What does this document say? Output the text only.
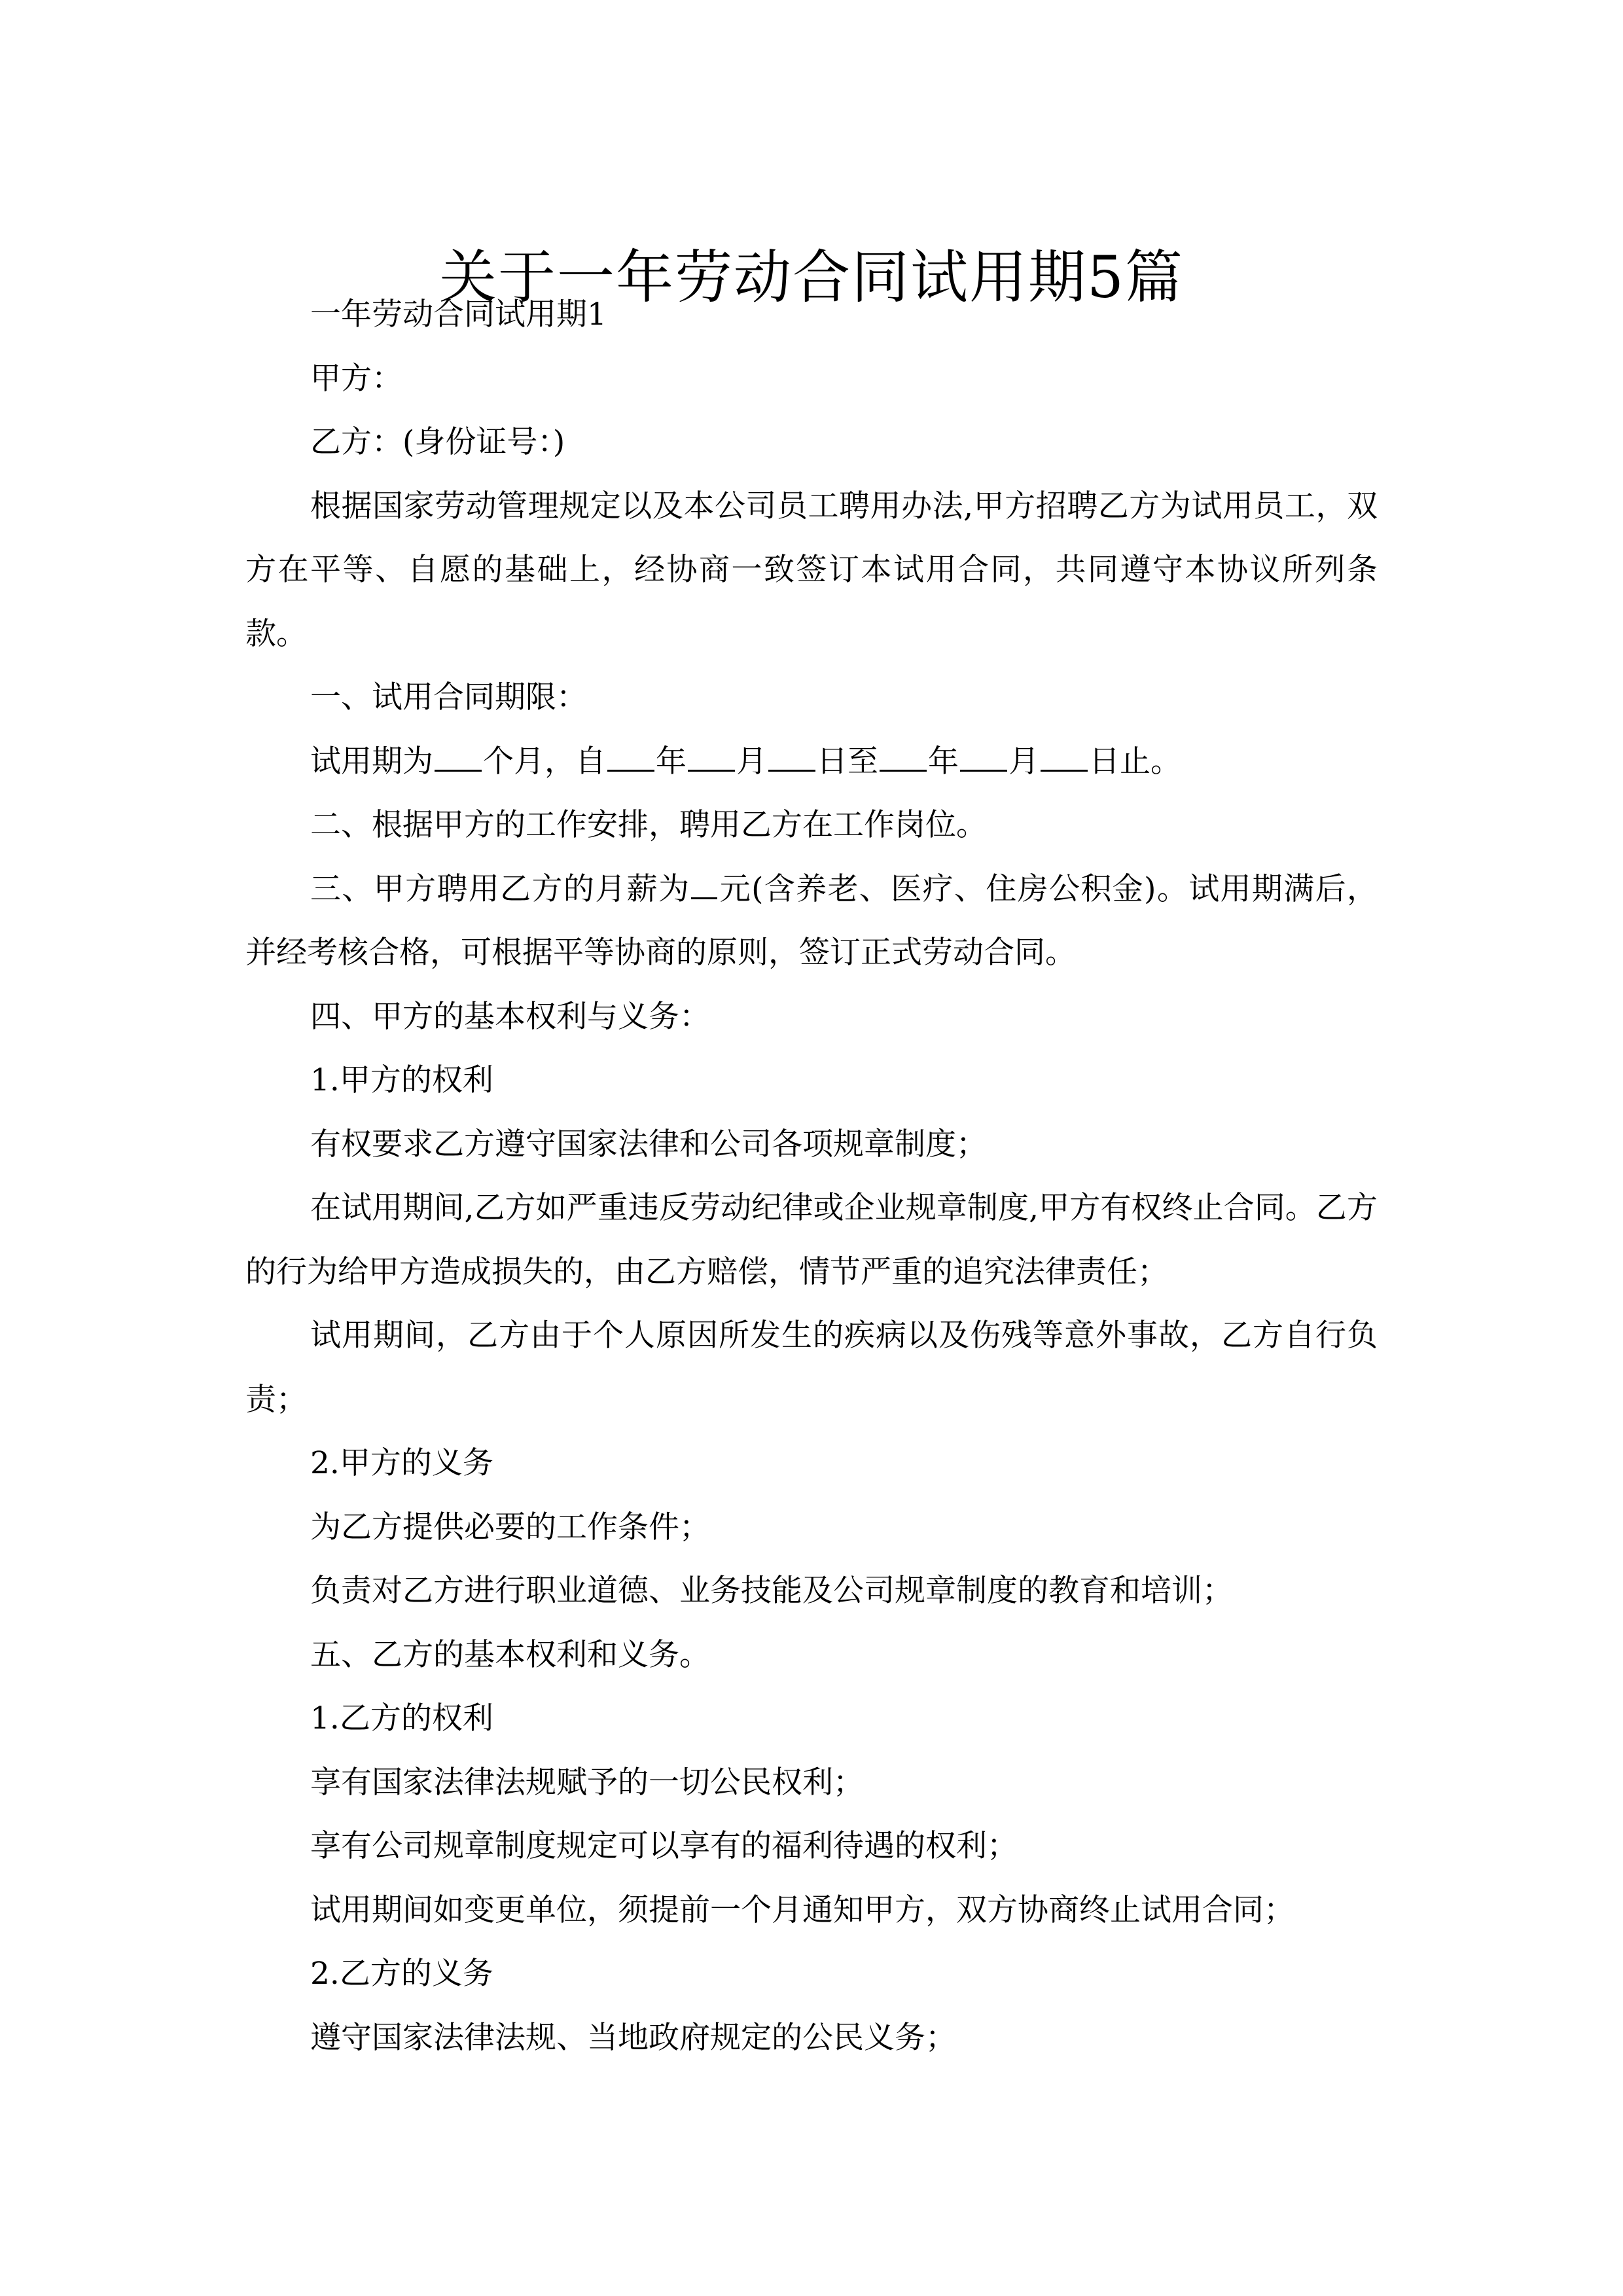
关于一年劳动合同试用期5篇

一年劳动合同试用期1

甲方：

乙方：(身份证号：)

根据国家劳动管理规定以及本公司员工聘用办法,甲方招聘乙方为试用员工，双方在平等、自愿的基础上，经协商一致签订本试用合同，共同遵守本协议所列条款。

一、试用合同期限：

试用期为 个月，自 年 月 日至 年 月 日止。

二、根据甲方的工作安排，聘用乙方在工作岗位。

三、甲方聘用乙方的月薪为 元(含养老、医疗、住房公积金)。试用期满后，并经考核合格，可根据平等协商的原则，签订正式劳动合同。

四、甲方的基本权利与义务：

1.甲方的权利

有权要求乙方遵守国家法律和公司各项规章制度；

在试用期间,乙方如严重违反劳动纪律或企业规章制度,甲方有权终止合同。乙方的行为给甲方造成损失的，由乙方赔偿，情节严重的追究法律责任；

试用期间，乙方由于个人原因所发生的疾病以及伤残等意外事故，乙方自行负责；

2.甲方的义务

为乙方提供必要的工作条件；

负责对乙方进行职业道德、业务技能及公司规章制度的教育和培训；

五、乙方的基本权利和义务。

1.乙方的权利

享有国家法律法规赋予的一切公民权利；

享有公司规章制度规定可以享有的福利待遇的权利；

试用期间如变更单位，须提前一个月通知甲方，双方协商终止试用合同；

2.乙方的义务

遵守国家法律法规、当地政府规定的公民义务；
